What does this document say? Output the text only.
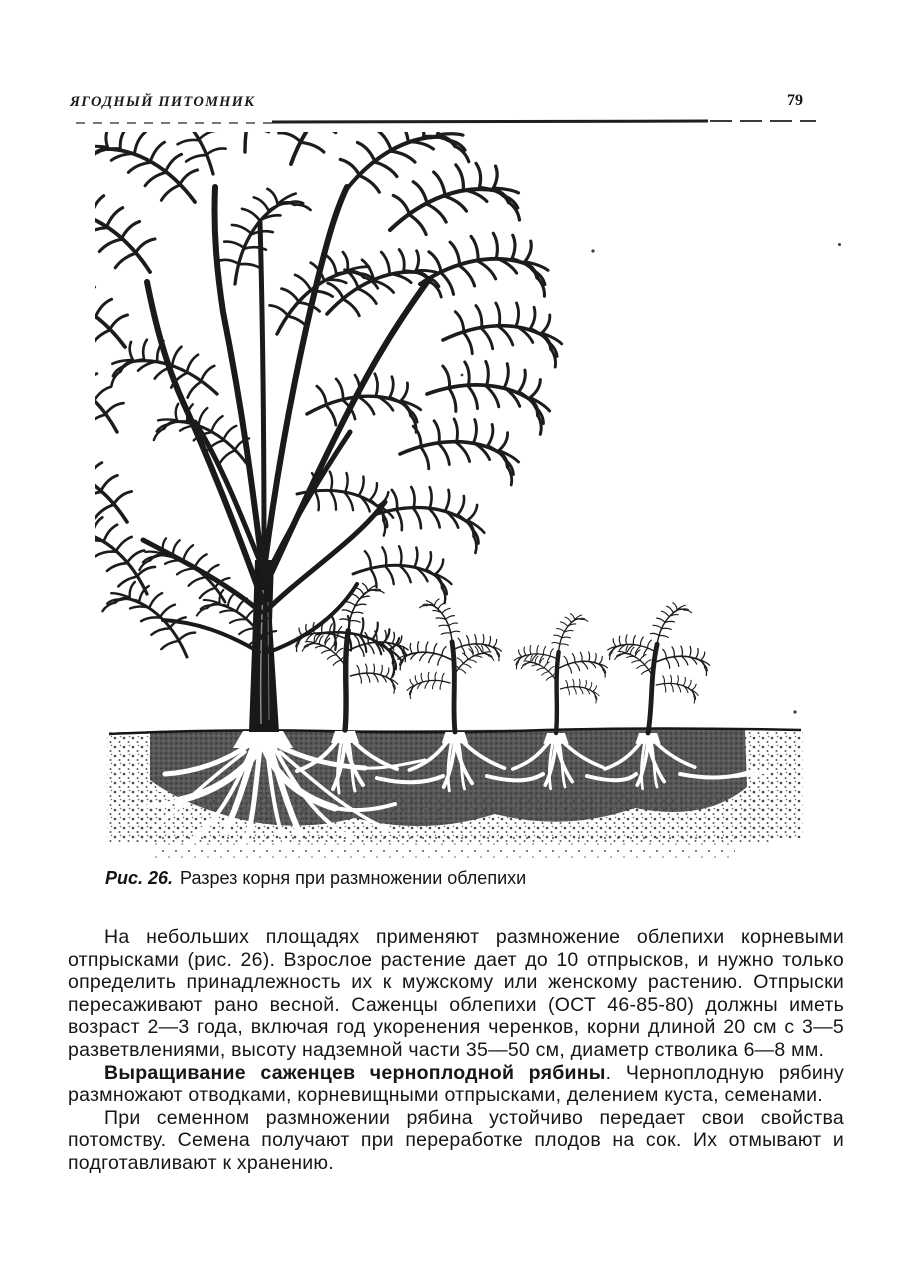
ЯГОДНЫЙ ПИТОМНИК	79
Рис. 26. Разрез корня при размножении облепихи

На небольших площадях применяют размножение облепихи корневыми отпрысками (рис. 26). Взрослое растение дает до 10 отпрысков, и нужно только определить принадлежность их к мужскому или женскому растению. Отпрыски пересаживают рано весной. Саженцы облепихи (ОСТ 46-85-80) должны иметь возраст 2—3 года, включая год укоренения черенков, корни длиной 20 см с 3—5 разветвлениями, высоту надземной части 35—50 см, диаметр стволика 6—8 мм.

Выращивание саженцев черноплодной рябины. Черноплодную рябину размножают отводками, корневищными отпрысками, делением куста, семенами.

При семенном размножении рябина устойчиво передает свои свойства потомству. Семена получают при переработке плодов на сок. Их отмывают и подготавливают к хранению.
